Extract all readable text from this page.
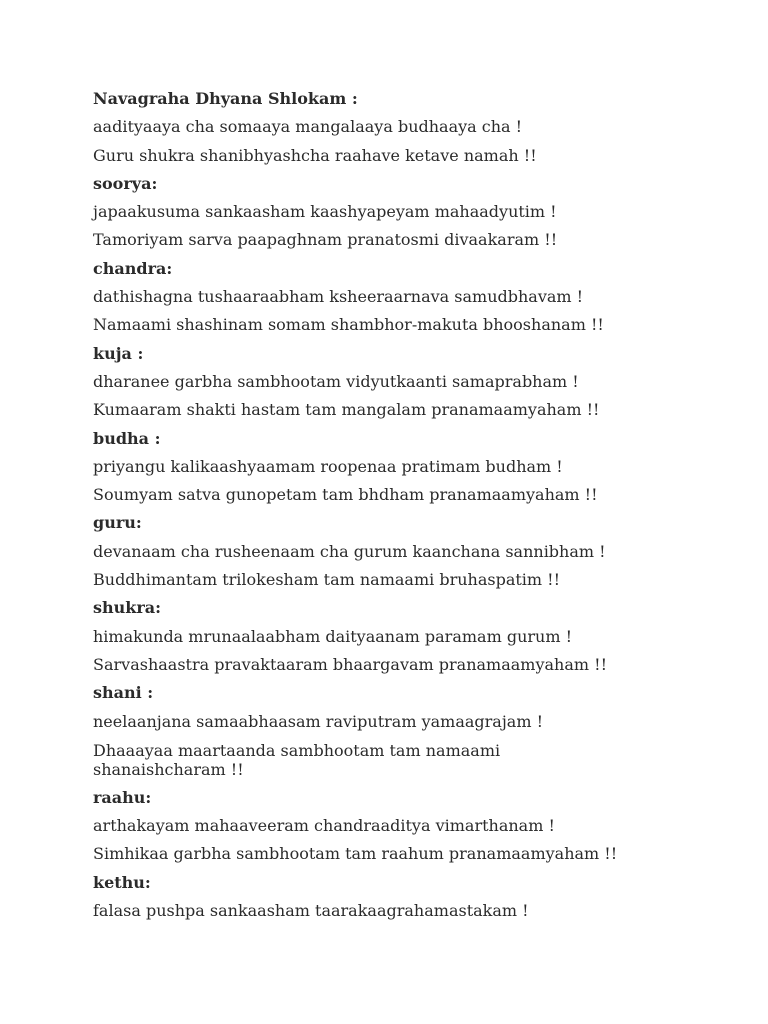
Navagraha Dhyana Shlokam :

aadityaaya cha somaaya mangalaaya budhaaya cha !

Guru shukra shanibhyashcha raahave ketave namah !!

soorya:

japaakusuma sankaasham kaashyapeyam mahaadyutim !

Tamoriyam sarva paapaghnam pranatosmi divaakaram !!

chandra:

dathishagna tushaaraabham ksheeraarnava samudbhavam !

Namaami shashinam somam shambhor-makuta bhooshanam !!

kuja :

dharanee garbha sambhootam vidyutkaanti samaprabham !

Kumaaram shakti hastam tam mangalam pranamaamyaham !!

budha :

priyangu kalikaashyaamam roopenaa pratimam budham !

Soumyam satva gunopetam tam bhdham pranamaamyaham !!

guru:

devanaam cha rusheenaam cha gurum kaanchana sannibham !

Buddhimantam trilokesham tam namaami bruhaspatim !!

shukra:

himakunda mrunaalaabham daityaanam paramam gurum !

Sarvashaastra pravaktaaram bhaargavam pranamaamyaham !!

shani :

neelaanjana samaabhaasam raviputram yamaagrajam !

Dhaaayaa maartaanda sambhootam tam namaami shanaishcharam !!

raahu:

arthakayam mahaaveeram chandraaditya vimarthanam !

Simhikaa garbha sambhootam tam raahum pranamaamyaham !!

kethu:

falasa pushpa sankaasham taarakaagrahamastakam !
